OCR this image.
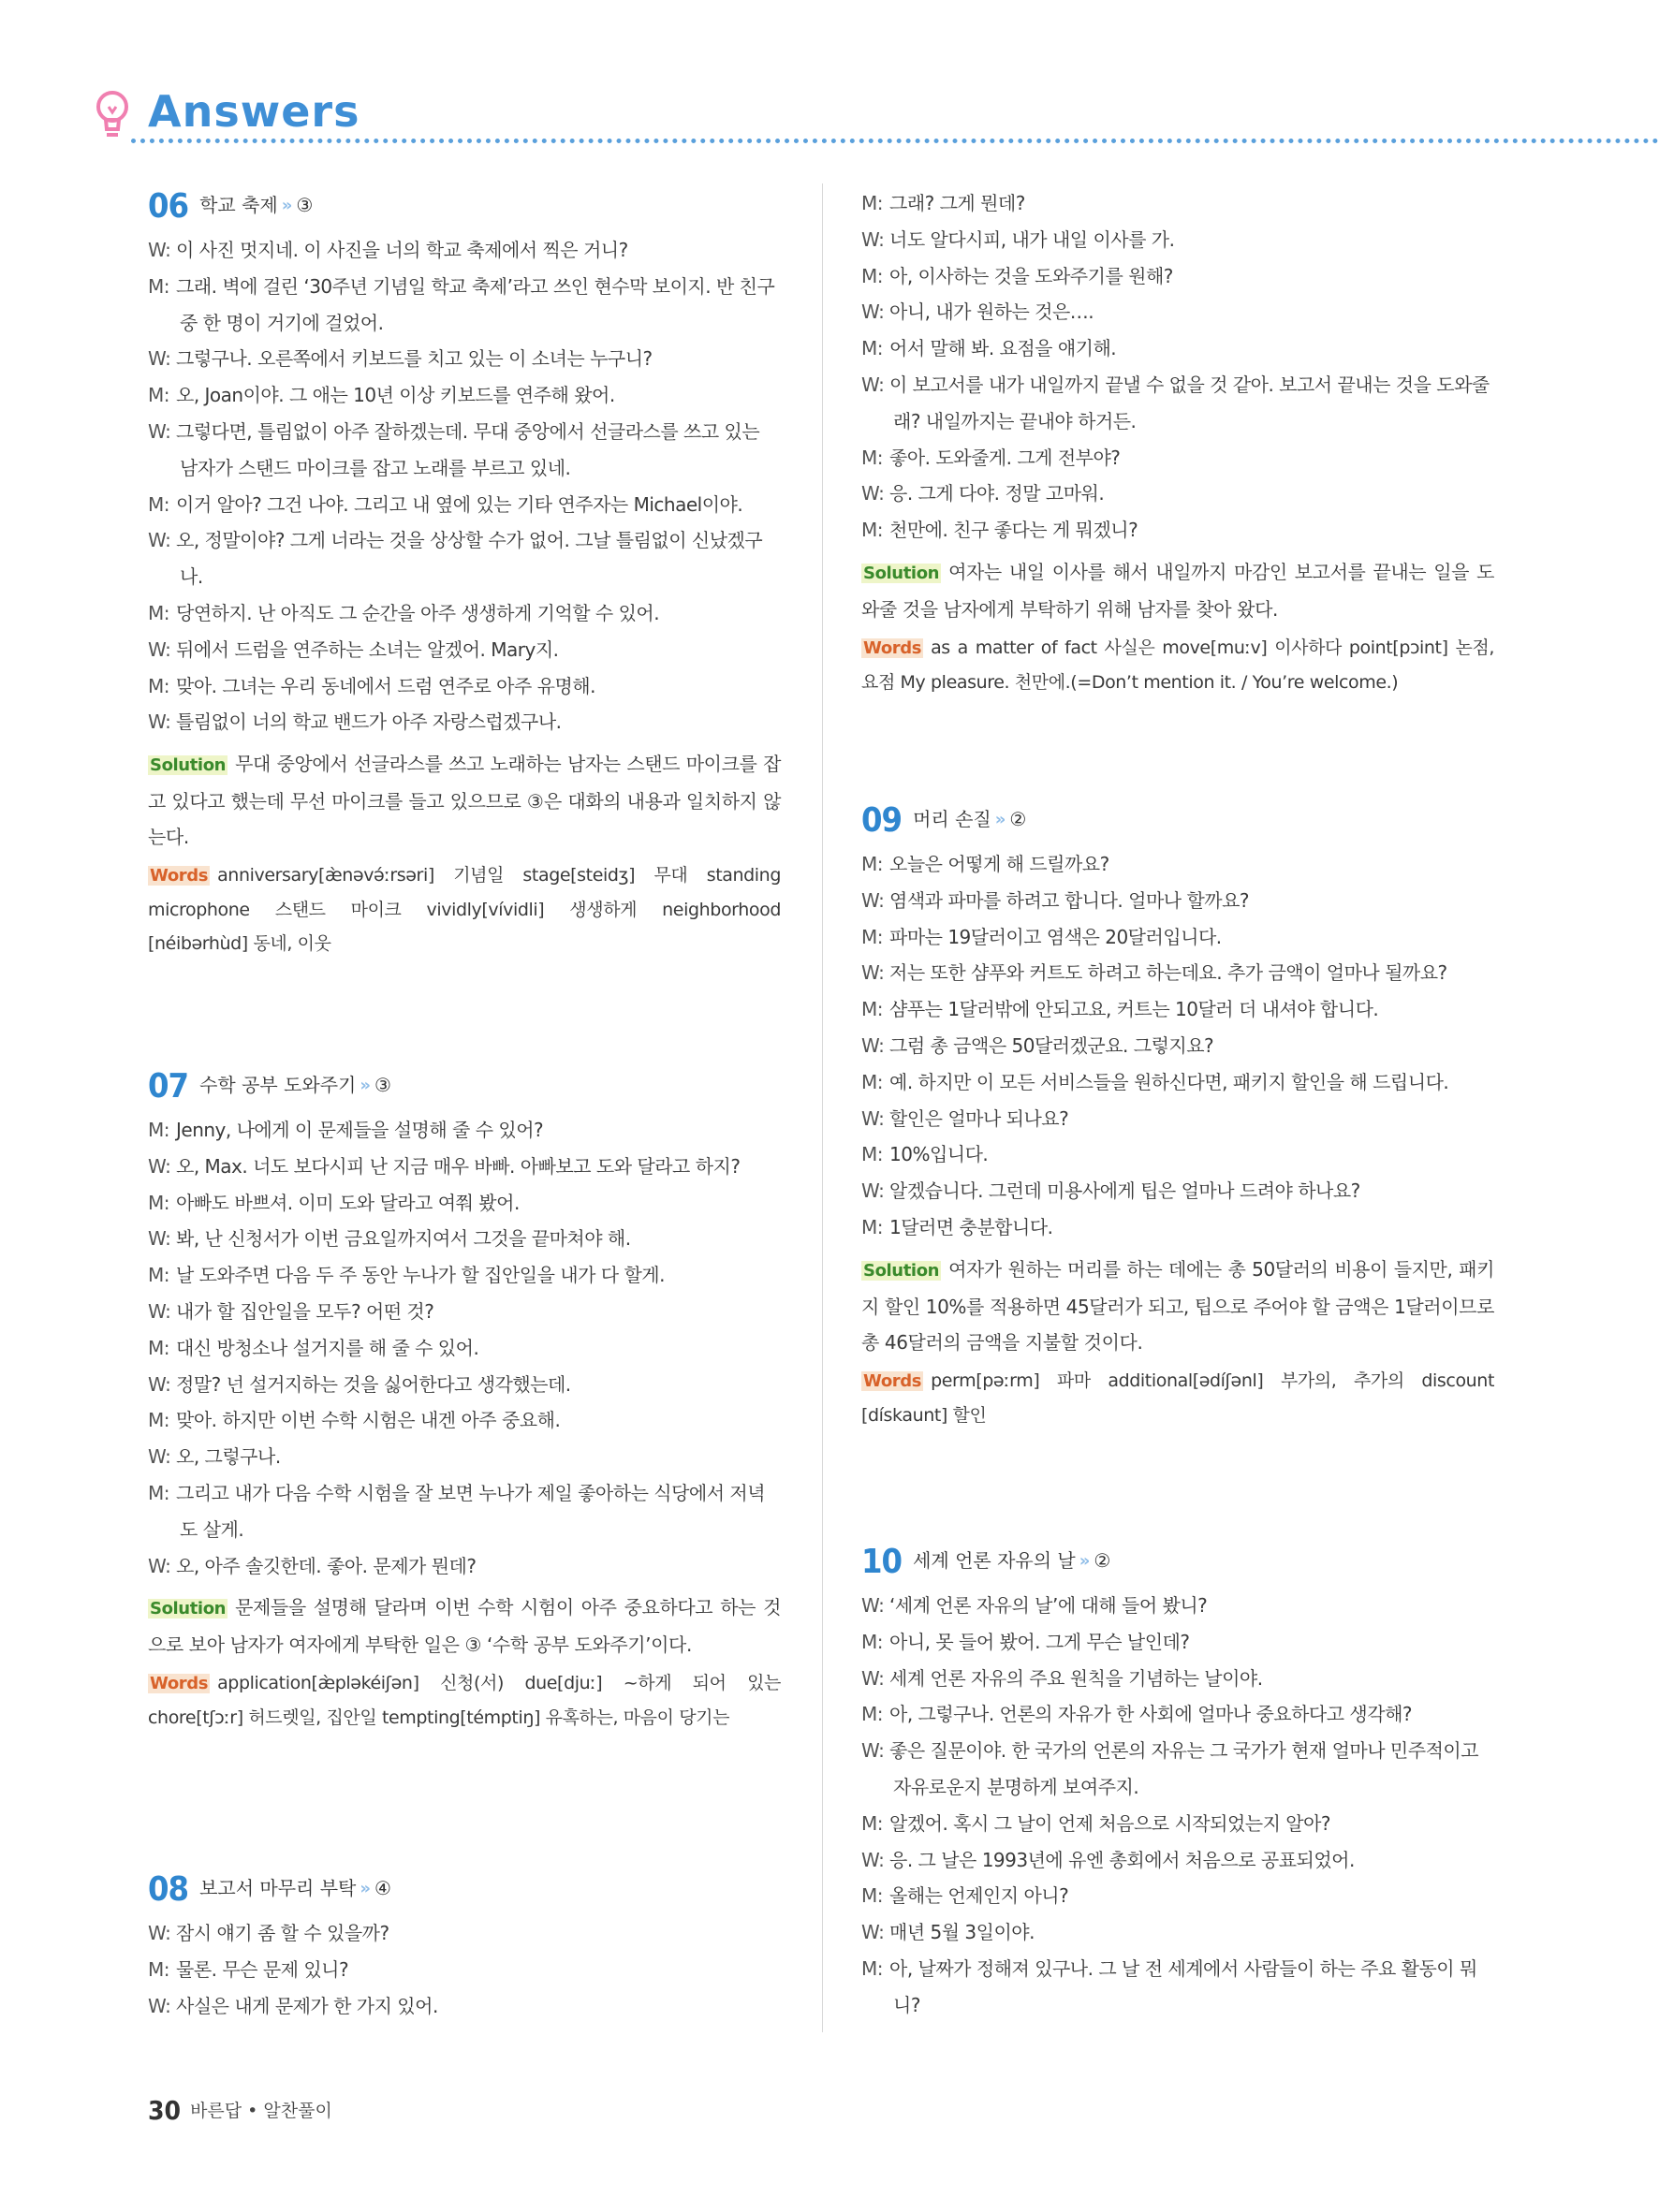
Answers
06 학교 축제 » ③
W: 이 사진 멋지네. 이 사진을 너의 학교 축제에서 찍은 거니?
M: 그래. 벽에 걸린 ‘30주년 기념일 학교 축제’라고 쓰인 현수막 보이지. 반 친구 중 한 명이 거기에 걸었어.
W: 그렇구나. 오른쪽에서 키보드를 치고 있는 이 소녀는 누구니?
M: 오, Joan이야. 그 애는 10년 이상 키보드를 연주해 왔어.
W: 그렇다면, 틀림없이 아주 잘하겠는데. 무대 중앙에서 선글라스를 쓰고 있는 남자가 스탠드 마이크를 잡고 노래를 부르고 있네.
M: 이거 알아? 그건 나야. 그리고 내 옆에 있는 기타 연주자는 Michael이야.
W: 오, 정말이야? 그게 너라는 것을 상상할 수가 없어. 그날 틀림없이 신났겠구나.
M: 당연하지. 난 아직도 그 순간을 아주 생생하게 기억할 수 있어.
W: 뒤에서 드럼을 연주하는 소녀는 알겠어. Mary지.
M: 맞아. 그녀는 우리 동네에서 드럼 연주로 아주 유명해.
W: 틀림없이 너의 학교 밴드가 아주 자랑스럽겠구나.
Solution 무대 중앙에서 선글라스를 쓰고 노래하는 남자는 스탠드 마이크를 잡고 있다고 했는데 무선 마이크를 들고 있으므로 ③은 대화의 내용과 일치하지 않는다.
Words anniversary[æ̀nəvə́ːrsəri] 기념일 stage[steidʒ] 무대 standing microphone 스탠드 마이크 vividly[vívidli] 생생하게 neighborhood [néibərhùd] 동네, 이웃
07 수학 공부 도와주기 » ③
M: Jenny, 나에게 이 문제들을 설명해 줄 수 있어?
W: 오, Max. 너도 보다시피 난 지금 매우 바빠. 아빠보고 도와 달라고 하지?
M: 아빠도 바쁘셔. 이미 도와 달라고 여쭤 봤어.
W: 봐, 난 신청서가 이번 금요일까지여서 그것을 끝마쳐야 해.
M: 날 도와주면 다음 두 주 동안 누나가 할 집안일을 내가 다 할게.
W: 내가 할 집안일을 모두? 어떤 것?
M: 대신 방청소나 설거지를 해 줄 수 있어.
W: 정말? 넌 설거지하는 것을 싫어한다고 생각했는데.
M: 맞아. 하지만 이번 수학 시험은 내겐 아주 중요해.
W: 오, 그렇구나.
M: 그리고 내가 다음 수학 시험을 잘 보면 누나가 제일 좋아하는 식당에서 저녁도 살게.
W: 오, 아주 솔깃한데. 좋아. 문제가 뭔데?
Solution 문제들을 설명해 달라며 이번 수학 시험이 아주 중요하다고 하는 것으로 보아 남자가 여자에게 부탁한 일은 ③ ‘수학 공부 도와주기’이다.
Words application[æ̀pləkéiʃən] 신청(서) due[djuː] ~하게 되어 있는 chore[tʃɔːr] 허드렛일, 집안일 tempting[témptiŋ] 유혹하는, 마음이 당기는
08 보고서 마무리 부탁 » ④
W: 잠시 얘기 좀 할 수 있을까?
M: 물론. 무슨 문제 있니?
W: 사실은 내게 문제가 한 가지 있어.
M: 그래? 그게 뭔데?
W: 너도 알다시피, 내가 내일 이사를 가.
M: 아, 이사하는 것을 도와주기를 원해?
W: 아니, 내가 원하는 것은….
M: 어서 말해 봐. 요점을 얘기해.
W: 이 보고서를 내가 내일까지 끝낼 수 없을 것 같아. 보고서 끝내는 것을 도와줄래? 내일까지는 끝내야 하거든.
M: 좋아. 도와줄게. 그게 전부야?
W: 응. 그게 다야. 정말 고마워.
M: 천만에. 친구 좋다는 게 뭐겠니?
Solution 여자는 내일 이사를 해서 내일까지 마감인 보고서를 끝내는 일을 도와줄 것을 남자에게 부탁하기 위해 남자를 찾아 왔다.
Words as a matter of fact 사실은 move[muːv] 이사하다 point[pɔint] 논점, 요점 My pleasure. 천만에.(=Don’t mention it. / You’re welcome.)
09 머리 손질 » ②
M: 오늘은 어떻게 해 드릴까요?
W: 염색과 파마를 하려고 합니다. 얼마나 할까요?
M: 파마는 19달러이고 염색은 20달러입니다.
W: 저는 또한 샴푸와 커트도 하려고 하는데요. 추가 금액이 얼마나 될까요?
M: 샴푸는 1달러밖에 안되고요, 커트는 10달러 더 내셔야 합니다.
W: 그럼 총 금액은 50달러겠군요. 그렇지요?
M: 예. 하지만 이 모든 서비스들을 원하신다면, 패키지 할인을 해 드립니다.
W: 할인은 얼마나 되나요?
M: 10%입니다.
W: 알겠습니다. 그런데 미용사에게 팁은 얼마나 드려야 하나요?
M: 1달러면 충분합니다.
Solution 여자가 원하는 머리를 하는 데에는 총 50달러의 비용이 들지만, 패키지 할인 10%를 적용하면 45달러가 되고, 팁으로 주어야 할 금액은 1달러이므로 총 46달러의 금액을 지불할 것이다.
Words perm[pəːrm] 파마 additional[ədíʃənl] 부가의, 추가의 discount [dískaunt] 할인
10 세계 언론 자유의 날 » ②
W: ‘세계 언론 자유의 날’에 대해 들어 봤니?
M: 아니, 못 들어 봤어. 그게 무슨 날인데?
W: 세계 언론 자유의 주요 원칙을 기념하는 날이야.
M: 아, 그렇구나. 언론의 자유가 한 사회에 얼마나 중요하다고 생각해?
W: 좋은 질문이야. 한 국가의 언론의 자유는 그 국가가 현재 얼마나 민주적이고 자유로운지 분명하게 보여주지.
M: 알겠어. 혹시 그 날이 언제 처음으로 시작되었는지 알아?
W: 응. 그 날은 1993년에 유엔 총회에서 처음으로 공표되었어.
M: 올해는 언제인지 아니?
W: 매년 5월 3일이야.
M: 아, 날짜가 정해져 있구나. 그 날 전 세계에서 사람들이 하는 주요 활동이 뭐니?
30 바른답 • 알찬풀이
